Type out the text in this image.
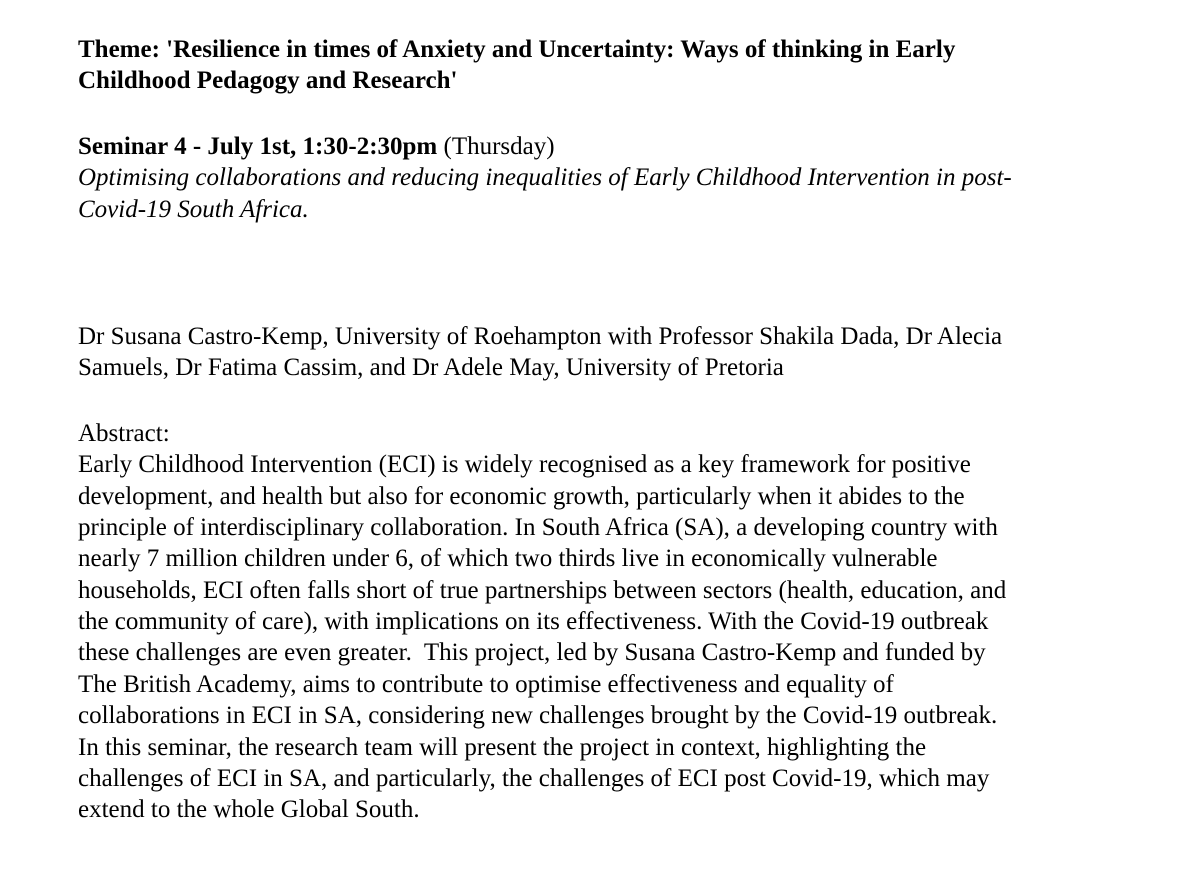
Theme: 'Resilience in times of Anxiety and Uncertainty: Ways of thinking in Early
Childhood Pedagogy and Research'
Seminar 4 - July 1st, 1:30-2:30pm (Thursday)
Optimising collaborations and reducing inequalities of Early Childhood Intervention in post-
Covid-19 South Africa.
Dr Susana Castro-Kemp, University of Roehampton with Professor Shakila Dada, Dr Alecia
Samuels, Dr Fatima Cassim, and Dr Adele May, University of Pretoria
Abstract:
Early Childhood Intervention (ECI) is widely recognised as a key framework for positive
development, and health but also for economic growth, particularly when it abides to the
principle of interdisciplinary collaboration. In South Africa (SA), a developing country with
nearly 7 million children under 6, of which two thirds live in economically vulnerable
households, ECI often falls short of true partnerships between sectors (health, education, and
the community of care), with implications on its effectiveness. With the Covid-19 outbreak
these challenges are even greater.  This project, led by Susana Castro-Kemp and funded by
The British Academy, aims to contribute to optimise effectiveness and equality of
collaborations in ECI in SA, considering new challenges brought by the Covid-19 outbreak.
In this seminar, the research team will present the project in context, highlighting the
challenges of ECI in SA, and particularly, the challenges of ECI post Covid-19, which may
extend to the whole Global South.
